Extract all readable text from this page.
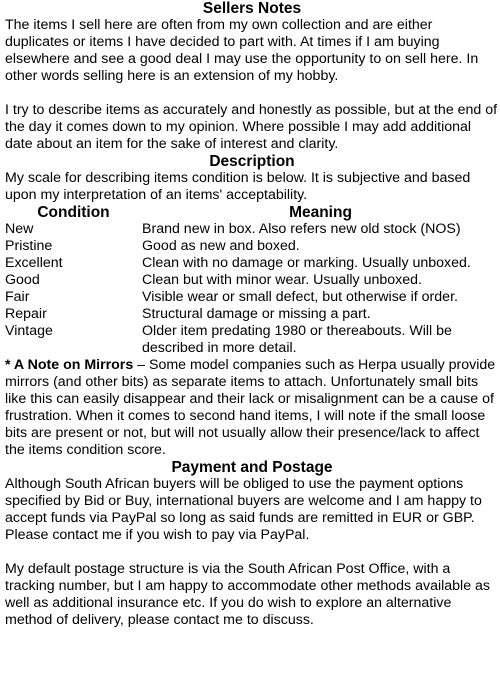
Sellers Notes

The items I sell here are often from my own collection and are either duplicates or items I have decided to part with. At times if I am buying elsewhere and see a good deal I may use the opportunity to on sell here. In other words selling here is an extension of my hobby.

I try to describe items as accurately and honestly as possible, but at the end of the day it comes down to my opinion. Where possible I may add additional date about an item for the sake of interest and clarity.

Description

My scale for describing items condition is below. It is subjective and based upon my interpretation of an items' acceptability.

Condition	Meaning
New	Brand new in box. Also refers new old stock (NOS)
Pristine	Good as new and boxed.
Excellent	Clean with no damage or marking. Usually unboxed.
Good	Clean but with minor wear. Usually unboxed.
Fair	Visible wear or small defect, but otherwise if order.
Repair	Structural damage or missing a part.
Vintage	Older item predating 1980 or thereabouts. Will be described in more detail.

* A Note on Mirrors – Some model companies such as Herpa usually provide mirrors (and other bits) as separate items to attach. Unfortunately small bits like this can easily disappear and their lack or misalignment can be a cause of frustration. When it comes to second hand items, I will note if the small loose bits are present or not, but will not usually allow their presence/lack to affect the items condition score.

Payment and Postage

Although South African buyers will be obliged to use the payment options specified by Bid or Buy, international buyers are welcome and I am happy to accept funds via PayPal so long as said funds are remitted in EUR or GBP. Please contact me if you wish to pay via PayPal.

My default postage structure is via the South African Post Office, with a tracking number, but I am happy to accommodate other methods available as well as additional insurance etc. If you do wish to explore an alternative method of delivery, please contact me to discuss.
